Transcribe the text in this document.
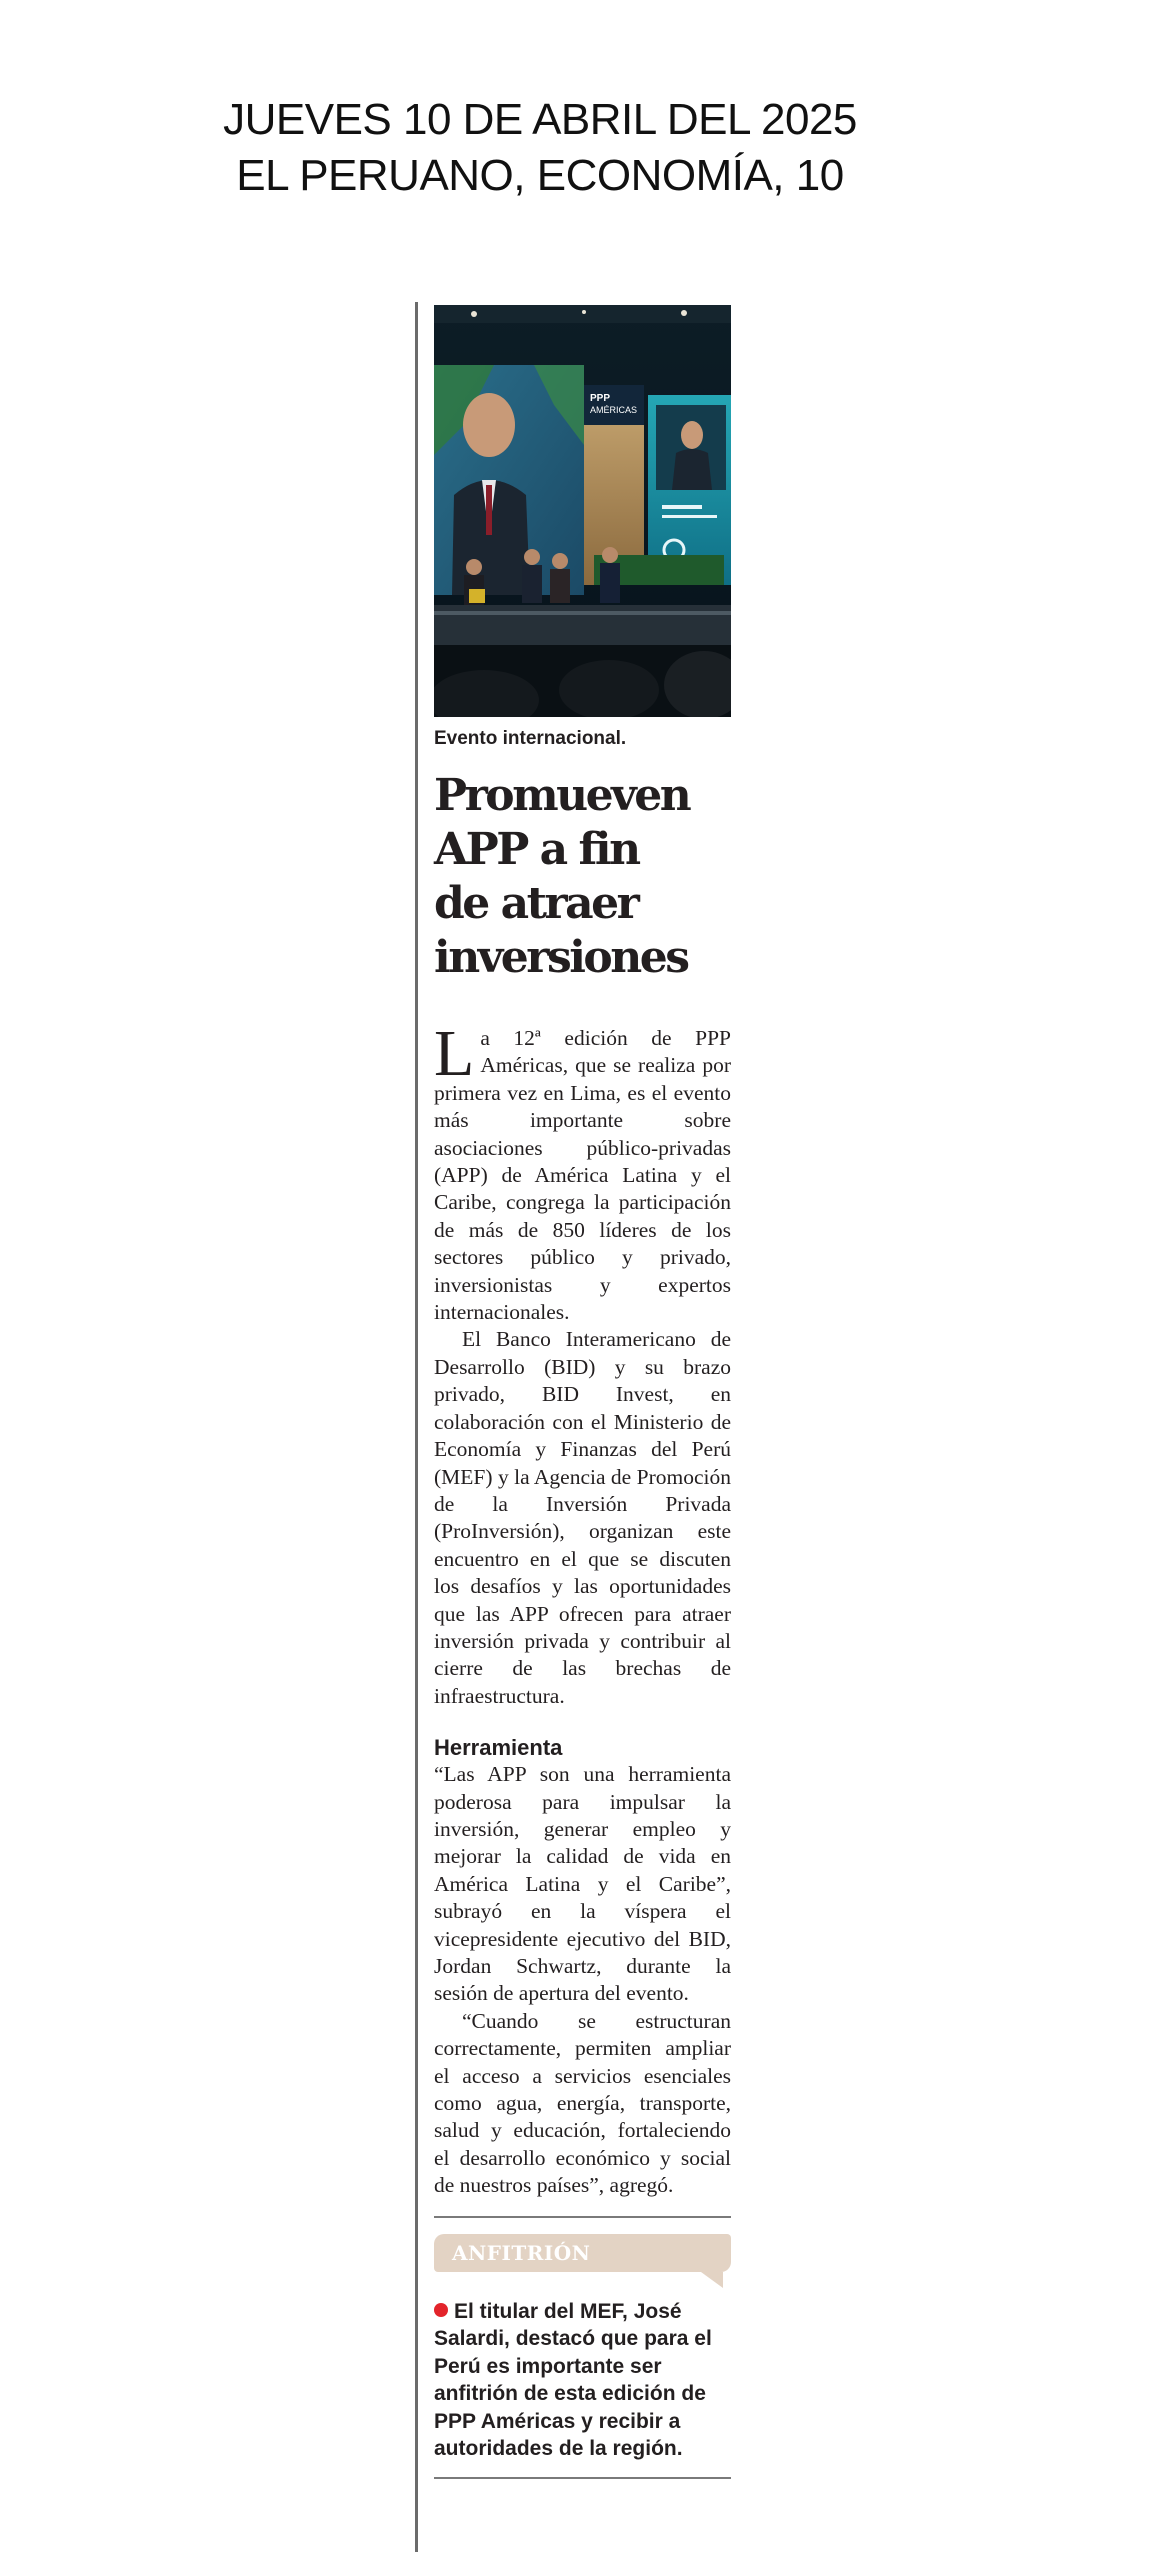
JUEVES 10 DE ABRIL DEL 2025
EL PERUANO, ECONOMÍA, 10
PPP
AMÉRICAS
Evento internacional.
Promueven
APP a fin
de atraer
inversiones

La 12ª edición de PPP Américas, que se realiza por primera vez en Lima, es el evento más importante sobre asociaciones público-privadas (APP) de América Latina y el Caribe, congrega la participación de más de 850 líderes de los sectores público y privado, inversionistas y expertos internacionales.

El Banco Interamericano de Desarrollo (BID) y su brazo privado, BID Invest, en colaboración con el Ministerio de Economía y Finanzas del Perú (MEF) y la Agencia de Promoción de la Inversión Privada (ProInversión), organizan este encuentro en el que se discuten los desafíos y las oportunidades que las APP ofrecen para atraer inversión privada y contribuir al cierre de las brechas de infraestructura.

Herramienta

“Las APP son una herramienta poderosa para impulsar la inversión, generar empleo y mejorar la calidad de vida en América Latina y el Caribe”, subrayó en la víspera el vicepresidente ejecutivo del BID, Jordan Schwartz, durante la sesión de apertura del evento.

“Cuando se estructuran correctamente, permiten ampliar el acceso a servicios esenciales como agua, energía, transporte, salud y educación, fortaleciendo el desarrollo económico y social de nuestros países”, agregó.

ANFITRIÓN
El titular del MEF, José Salardi, destacó que para el Perú es importante ser anfitrión de esta edición de PPP Américas y recibir a autoridades de la región.
